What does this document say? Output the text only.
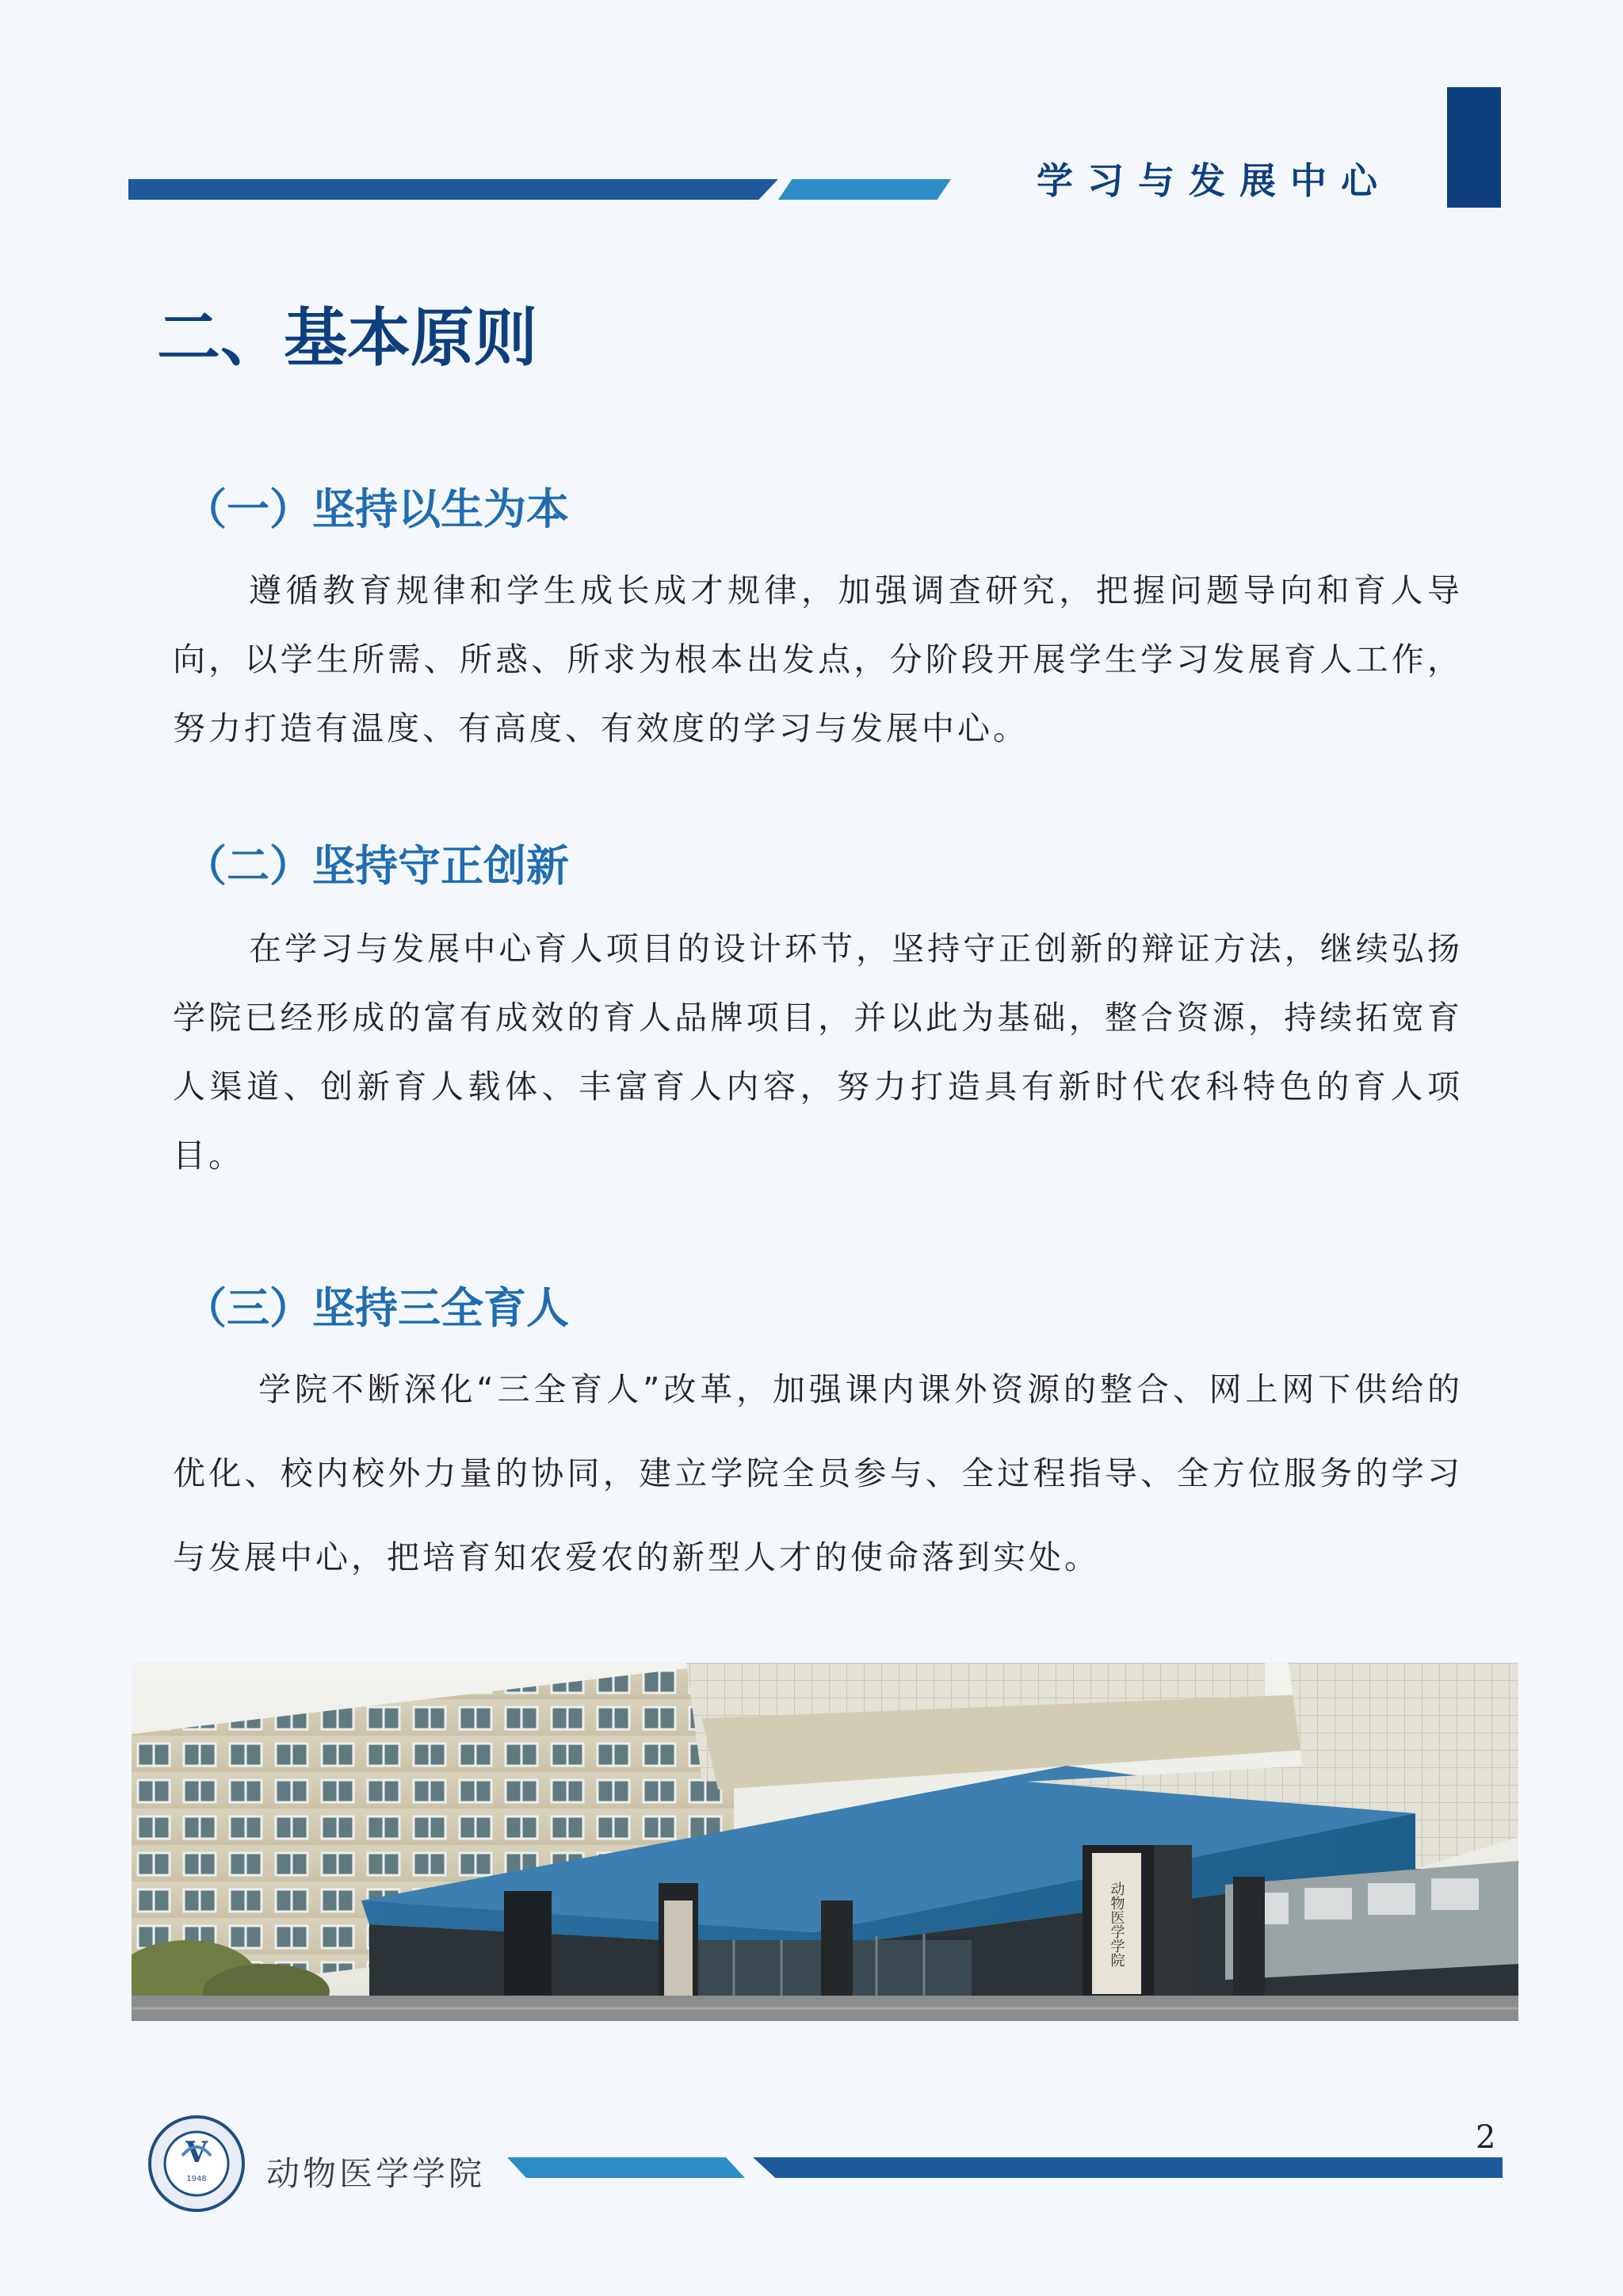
学习与发展中心
二、基本原则
（一）坚持以生为本

遵循教育规律和学生成长成才规律，加强调查研究，把握问题导向和育人导向，以学生所需、所惑、所求为根本出发点，分阶段开展学生学习发展育人工作，努力打造有温度、有高度、有效度的学习与发展中心。

（二）坚持守正创新

在学习与发展中心育人项目的设计环节，坚持守正创新的辩证方法，继续弘扬学院已经形成的富有成效的育人品牌项目，并以此为基础，整合资源，持续拓宽育人渠道、创新育人载体、丰富育人内容，努力打造具有新时代农科特色的育人项目。

（三）坚持三全育人

学院不断深化“三全育人”改革，加强课内课外资源的整合、网上网下供给的优化、校内校外力量的协同，建立学院全员参与、全过程指导、全方位服务的学习与发展中心，把培育知农爱农的新型人才的使命落到实处。

动物医学学院
V
1948 动物医学学院
2
